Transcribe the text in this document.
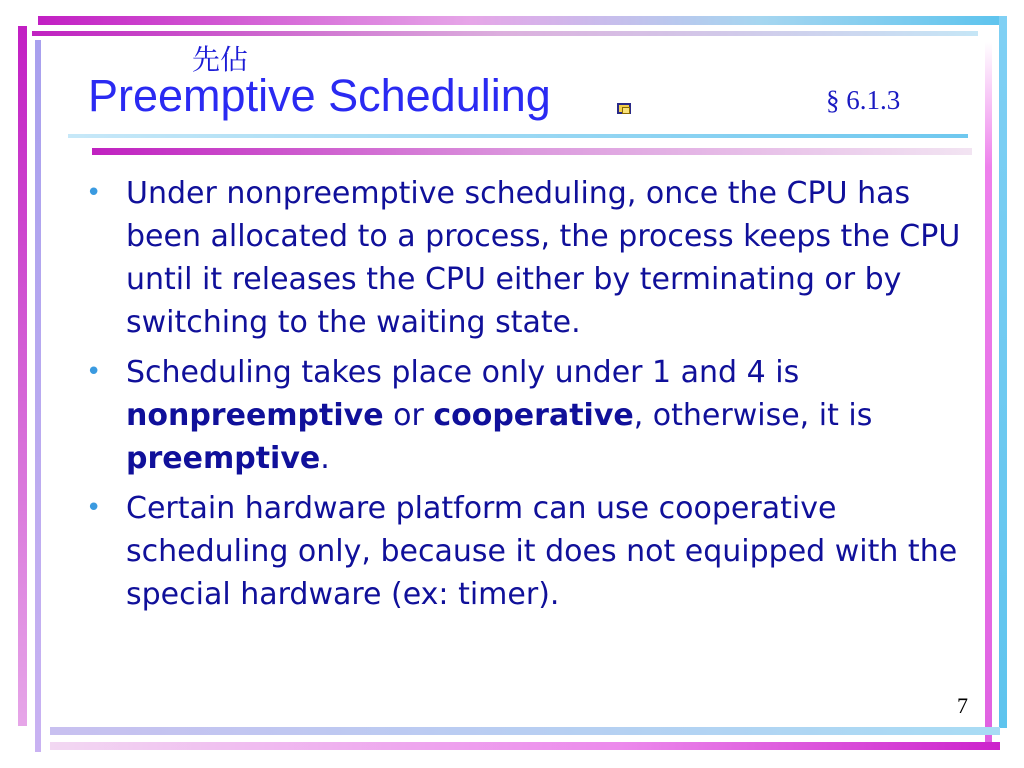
先佔
Preemptive Scheduling	§ 6.1.3
• Under nonpreemptive scheduling, once the CPU has been allocated to a process, the process keeps the CPU until it releases the CPU either by terminating or by switching to the waiting state.
• Scheduling takes place only under 1 and 4 is nonpreemptive or cooperative, otherwise, it is preemptive.
• Certain hardware platform can use cooperative scheduling only, because it does not equipped with the special hardware (ex: timer).
7
